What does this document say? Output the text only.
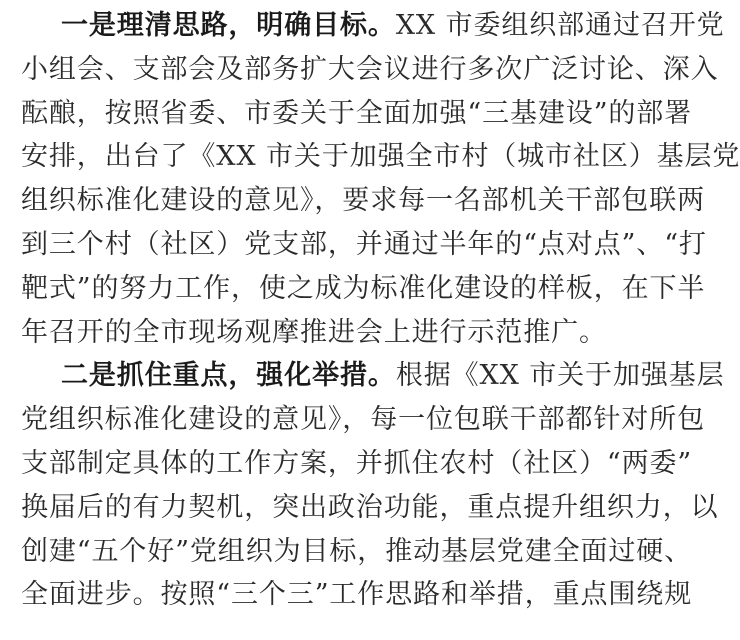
一是理清思路，明确目标。XX 市委组织部通过召开党
小组会、支部会及部务扩大会议进行多次广泛讨论、深入
酝酿，按照省委、市委关于全面加强“三基建设”的部署
安排，出台了《XX 市关于加强全市村（城市社区）基层党
组织标准化建设的意见》，要求每一名部机关干部包联两
到三个村（社区）党支部，并通过半年的“点对点”、“打
靶式”的努力工作，使之成为标准化建设的样板，在下半
年召开的全市现场观摩推进会上进行示范推广。
二是抓住重点，强化举措。根据《XX 市关于加强基层
党组织标准化建设的意见》，每一位包联干部都针对所包
支部制定具体的工作方案，并抓住农村（社区）“两委”
换届后的有力契机，突出政治功能，重点提升组织力，以
创建“五个好”党组织为目标，推动基层党建全面过硬、
全面进步。按照“三个三”工作思路和举措，重点围绕规
